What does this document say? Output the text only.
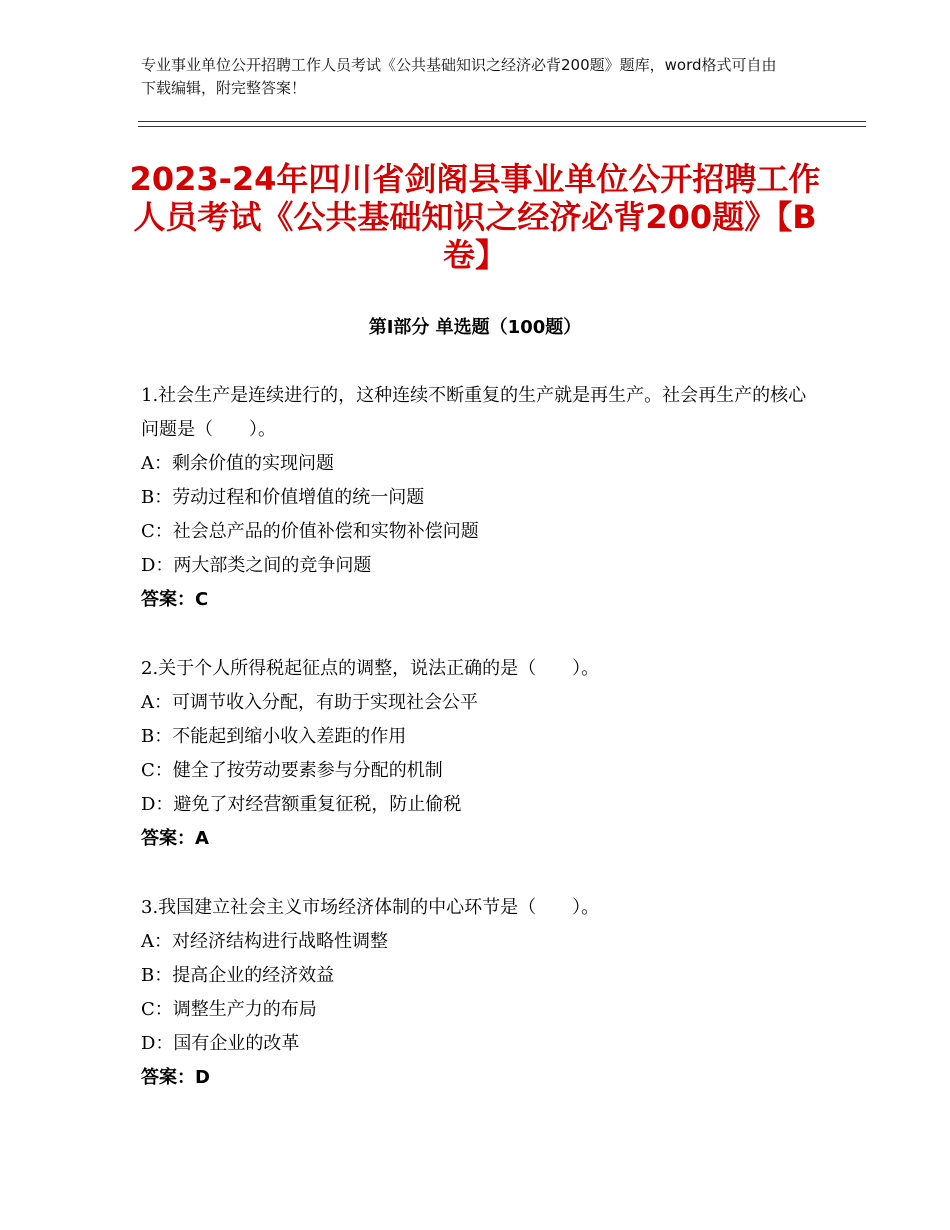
专业事业单位公开招聘工作人员考试《公共基础知识之经济必背200题》题库，word格式可自由下载编辑，附完整答案！
2023-24年四川省剑阁县事业单位公开招聘工作人员考试《公共基础知识之经济必背200题》【B卷】
第Ⅰ部分 单选题（100题）

1.社会生产是连续进行的，这种连续不断重复的生产就是再生产。社会再生产的核心问题是（　　）。

A：剩余价值的实现问题

B：劳动过程和价值增值的统一问题

C：社会总产品的价值补偿和实物补偿问题

D：两大部类之间的竞争问题

答案：C

2.关于个人所得税起征点的调整，说法正确的是（　　）。

A：可调节收入分配，有助于实现社会公平

B：不能起到缩小收入差距的作用

C：健全了按劳动要素参与分配的机制

D：避免了对经营额重复征税，防止偷税

答案：A

3.我国建立社会主义市场经济体制的中心环节是（　　）。

A：对经济结构进行战略性调整

B：提高企业的经济效益

C：调整生产力的布局

D：国有企业的改革

答案：D
